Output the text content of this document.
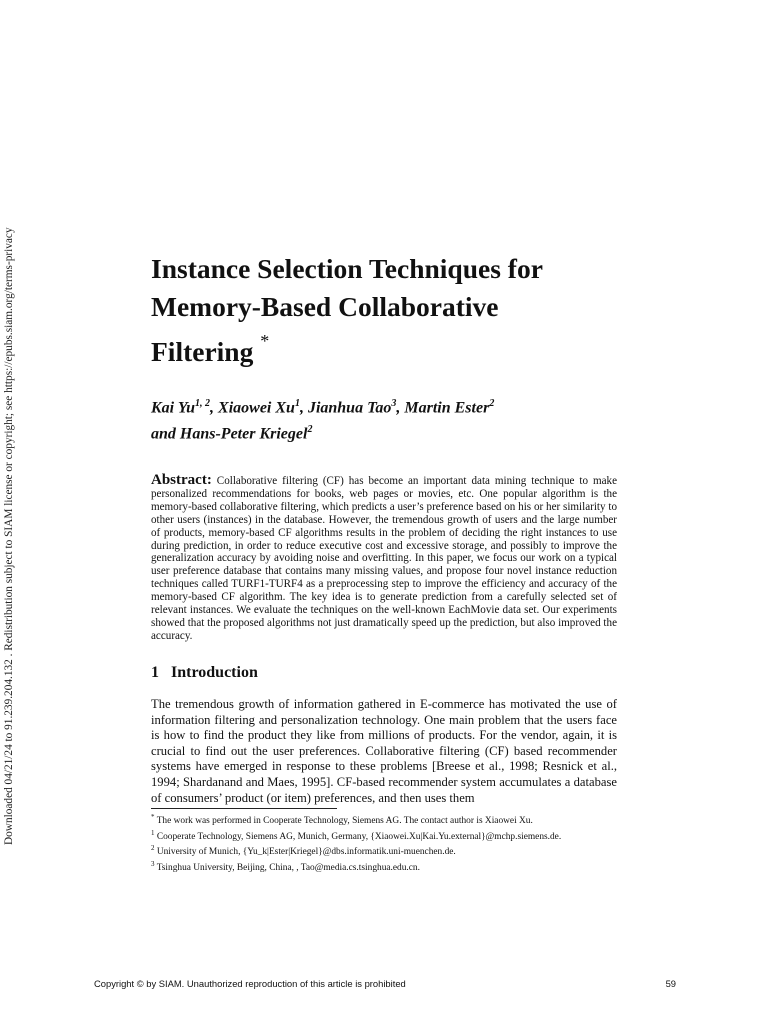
Downloaded 04/21/24 to 91.239.204.132 . Redistribution subject to SIAM license or copyright; see https://epubs.siam.org/terms-privacy	Instance Selection Techniques for
Memory-Based Collaborative
Filtering *
Kai Yu$^{1, 2}$, Xiaowei Xu$^1$, Jianhua Tao$^3$, Martin Ester$^2$
and Hans-Peter Kriegel$^2$

Abstract: Collaborative filtering (CF) has become an important data mining technique to make personalized recommendations for books, web pages or movies, etc. One popular algorithm is the memory-based collaborative filtering, which predicts a user’s preference based on his or her similarity to other users (instances) in the database. However, the tremendous growth of users and the large number of products, memory-based CF algorithms results in the problem of deciding the right instances to use during prediction, in order to reduce executive cost and excessive storage, and possibly to improve the generalization accuracy by avoiding noise and overfitting. In this paper, we focus our work on a typical user preference database that contains many missing values, and propose four novel instance reduction techniques called TURF1-TURF4 as a preprocessing step to improve the efficiency and accuracy of the memory-based CF algorithm. The key idea is to generate prediction from a carefully selected set of relevant instances. We evaluate the techniques on the well-known EachMovie data set. Our experiments showed that the proposed algorithms not just dramatically speed up the prediction, but also improved the accuracy.

1 Introduction

The tremendous growth of information gathered in E-commerce has motivated the use of information filtering and personalization technology. One main problem that the users face is how to find the product they like from millions of products. For the vendor, again, it is crucial to find out the user preferences. Collaborative filtering (CF) based recommender systems have emerged in response to these problems [Breese et al., 1998; Resnick et al., 1994; Shardanand and Maes, 1995]. CF-based recommender system accumulates a database of consumers’ product (or item) preferences, and then uses them

* The work was performed in Cooperate Technology, Siemens AG. The contact author is Xiaowei Xu.
$^1$ Cooperate Technology, Siemens AG, Munich, Germany, {Xiaowei.Xu|Kai.Yu.external}@mchp.siemens.de.
$^2$ University of Munich, {Yu_k|Ester|Kriegel}@dbs.informatik.uni-muenchen.de.
$^3$ Tsinghua University, Beijing, China, , Tao@media.cs.tsinghua.edu.cn.
Copyright © by SIAM. Unauthorized reproduction of this article is prohibited	59
